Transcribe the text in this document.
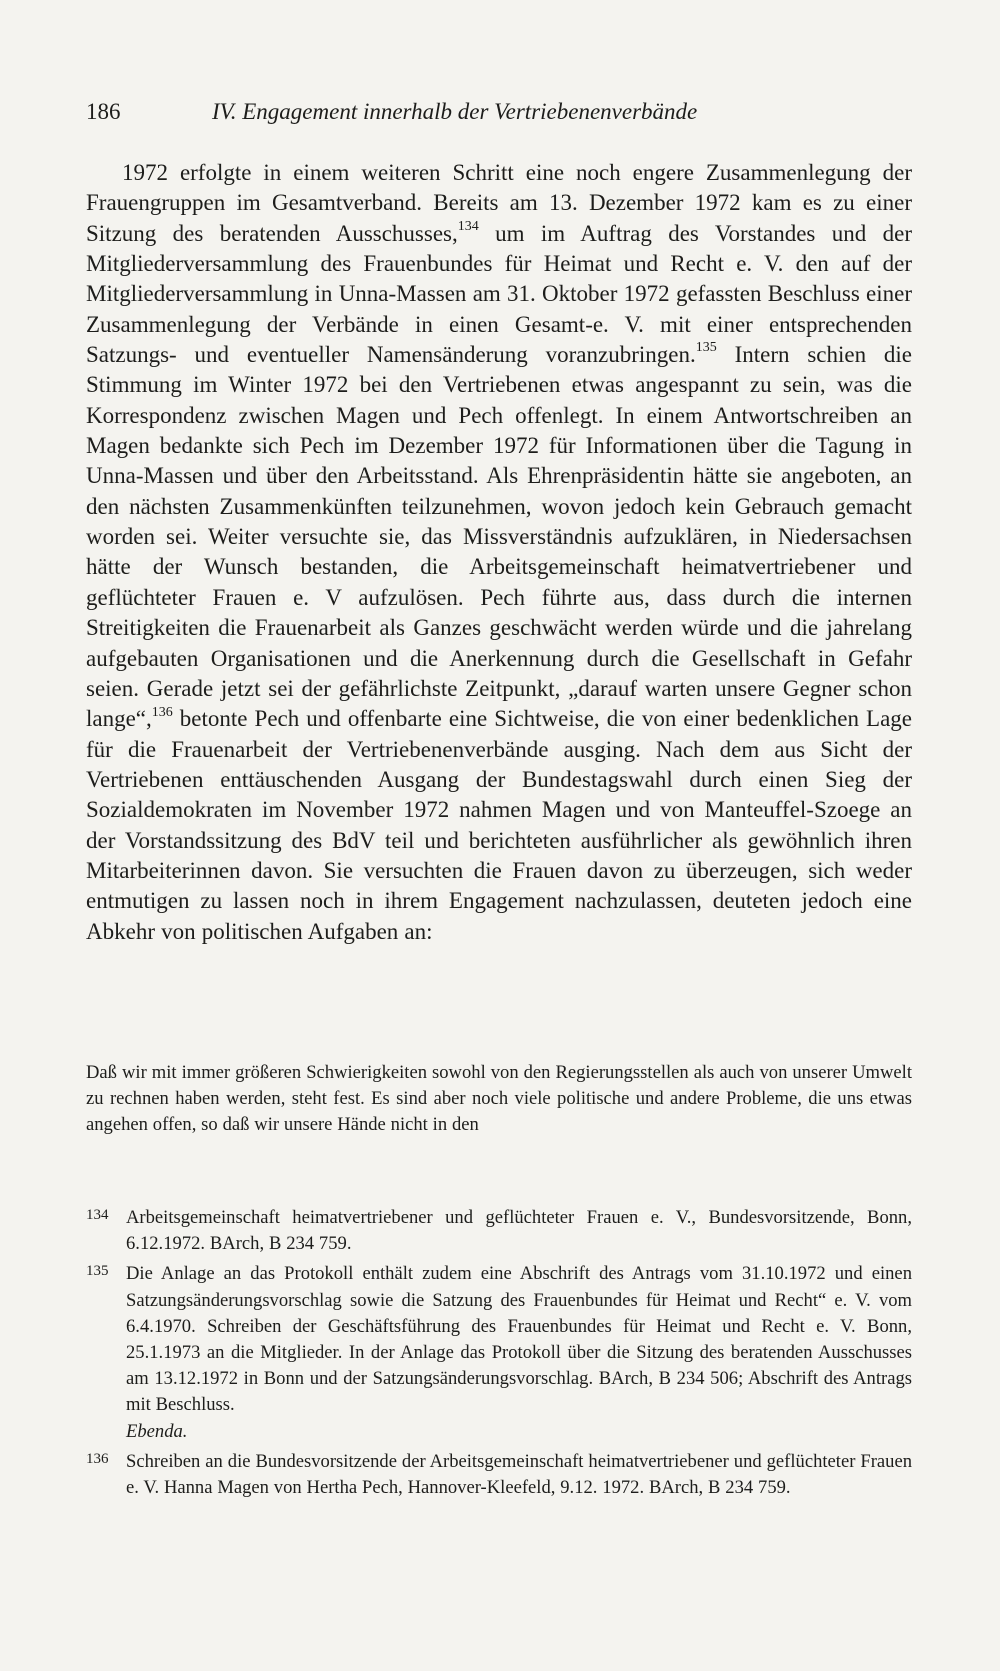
186	IV. Engagement innerhalb der Vertriebenenverbände

1972 erfolgte in einem weiteren Schritt eine noch engere Zusammenlegung der Frauengruppen im Gesamtverband. Bereits am 13. Dezember 1972 kam es zu einer Sitzung des beratenden Ausschusses,$^{134}$ um im Auftrag des Vorstandes und der Mitgliederversammlung des Frauenbundes für Heimat und Recht e. V. den auf der Mitgliederversammlung in Unna-Massen am 31. Oktober 1972 gefassten Beschluss einer Zusammenlegung der Verbände in einen Gesamt-e. V. mit einer entsprechenden Satzungs- und eventueller Namensänderung voranzubringen.$^{135}$ Intern schien die Stimmung im Winter 1972 bei den Vertriebenen etwas angespannt zu sein, was die Korrespondenz zwischen Magen und Pech offenlegt. In einem Antwortschreiben an Magen bedankte sich Pech im Dezember 1972 für Informationen über die Tagung in Unna-Massen und über den Arbeitsstand. Als Ehrenpräsidentin hätte sie angeboten, an den nächsten Zusammenkünften teilzunehmen, wovon jedoch kein Gebrauch gemacht worden sei. Weiter versuchte sie, das Missverständnis aufzuklären, in Niedersachsen hätte der Wunsch bestanden, die Arbeitsgemeinschaft heimatvertriebener und geflüchteter Frauen e. V aufzulösen. Pech führte aus, dass durch die internen Streitigkeiten die Frauenarbeit als Ganzes geschwächt werden würde und die jahrelang aufgebauten Organisationen und die Anerkennung durch die Gesellschaft in Gefahr seien. Gerade jetzt sei der gefährlichste Zeitpunkt, „darauf warten unsere Gegner schon lange“,$^{136}$ betonte Pech und offenbarte eine Sichtweise, die von einer bedenklichen Lage für die Frauenarbeit der Vertriebenenverbände ausging. Nach dem aus Sicht der Vertriebenen enttäuschenden Ausgang der Bundestagswahl durch einen Sieg der Sozialdemokraten im November 1972 nahmen Magen und von Manteuffel-Szoege an der Vorstandssitzung des BdV teil und berichteten ausführlicher als gewöhnlich ihren Mitarbeiterinnen davon. Sie versuchten die Frauen davon zu überzeugen, sich weder entmutigen zu lassen noch in ihrem Engagement nachzulassen, deuteten jedoch eine Abkehr von politischen Aufgaben an:

Daß wir mit immer größeren Schwierigkeiten sowohl von den Regierungsstellen als auch von unserer Umwelt zu rechnen haben werden, steht fest. Es sind aber noch viele politische und andere Probleme, die uns etwas angehen offen, so daß wir unsere Hände nicht in den

134 Arbeitsgemeinschaft heimatvertriebener und geflüchteter Frauen e. V., Bundesvorsitzende, Bonn, 6.12.1972. BArch, B 234 759.

135 Die Anlage an das Protokoll enthält zudem eine Abschrift des Antrags vom 31.10.1972 und einen Satzungsänderungsvorschlag sowie die Satzung des Frauenbundes für Heimat und Recht“ e. V. vom 6.4.1970. Schreiben der Geschäftsführung des Frauenbundes für Heimat und Recht e. V. Bonn, 25.1.1973 an die Mitglieder. In der Anlage das Protokoll über die Sitzung des beratenden Ausschusses am 13.12.1972 in Bonn und der Satzungsänderungsvorschlag. BArch, B 234 506; Abschrift des Antrags mit Beschluss.
Ebenda.

136 Schreiben an die Bundesvorsitzende der Arbeitsgemeinschaft heimatvertriebener und geflüchteter Frauen e. V. Hanna Magen von Hertha Pech, Hannover-Kleefeld, 9.12. 1972. BArch, B 234 759.
